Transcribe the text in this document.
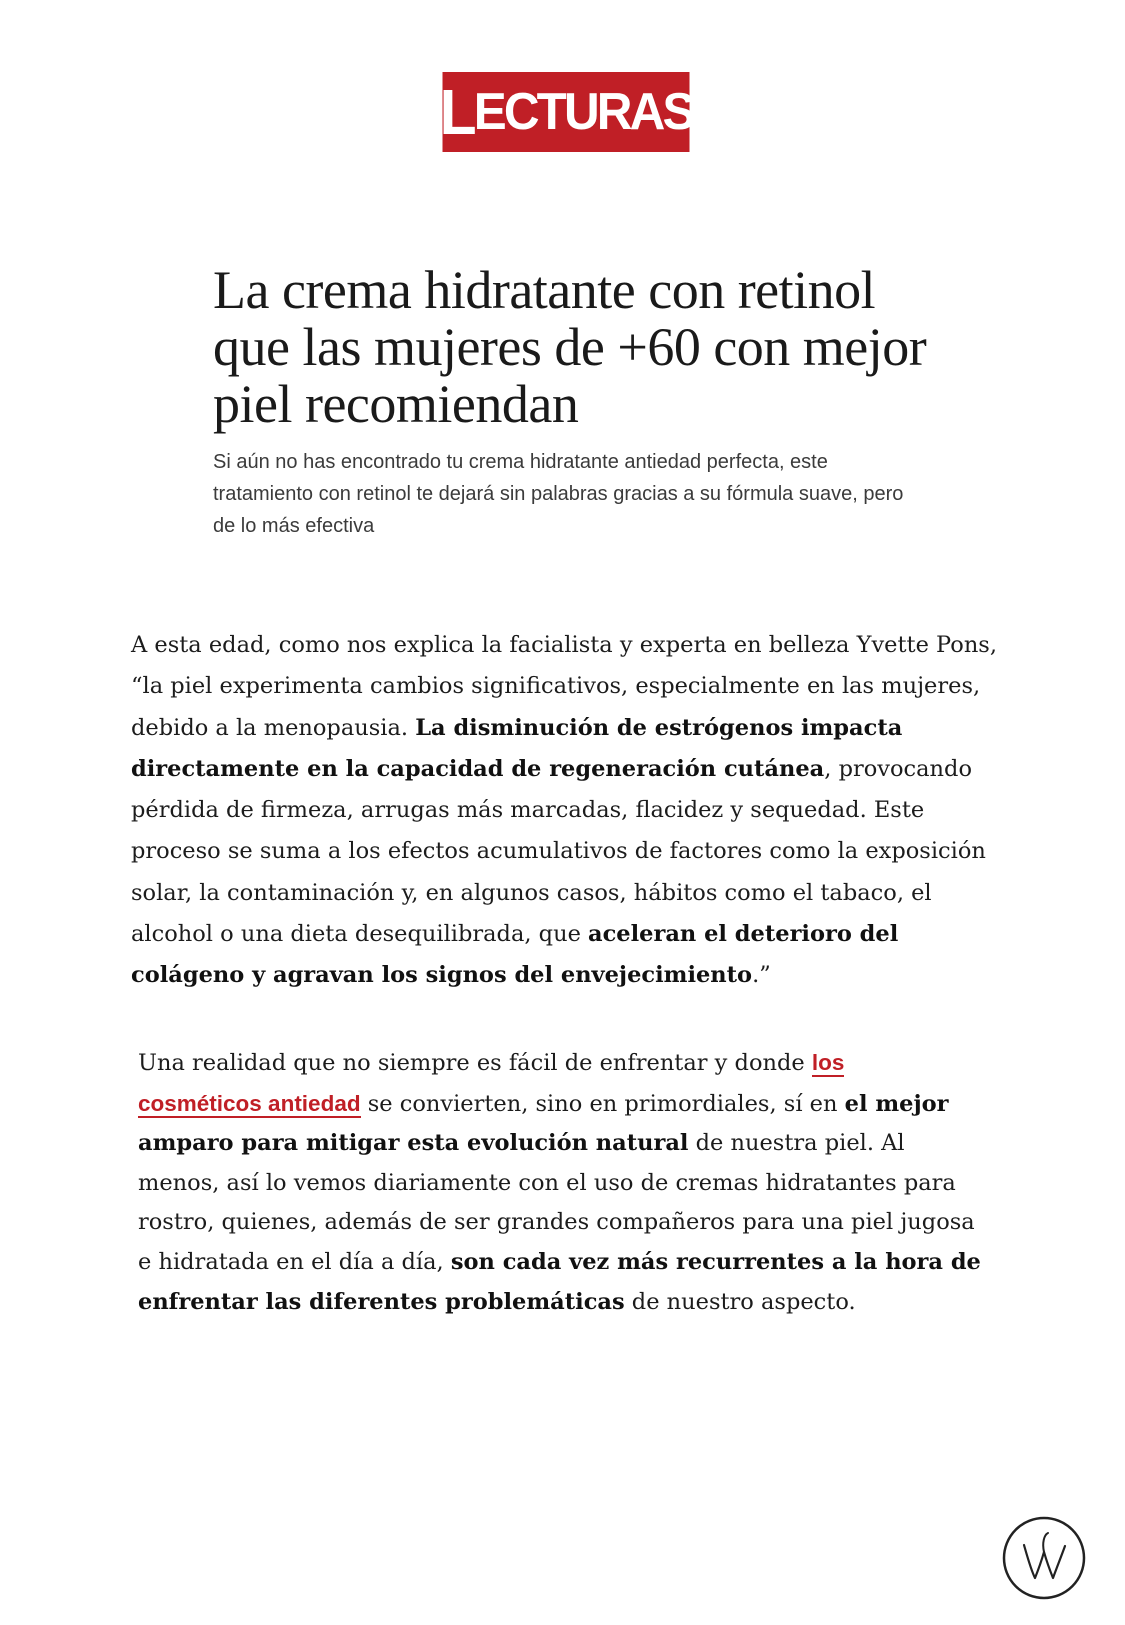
L ECTURAS
La crema hidratante con retinol que las mujeres de +60 con mejor piel recomiendan

Si aún no has encontrado tu crema hidratante antiedad perfecta, este tratamiento con retinol te dejará sin palabras gracias a su fórmula suave, pero de lo más efectiva

A esta edad, como nos explica la facialista y experta en belleza Yvette Pons, “la piel experimenta cambios significativos, especialmente en las mujeres, debido a la menopausia. La disminución de estrógenos impacta directamente en la capacidad de regeneración cutánea, provocando pérdida de firmeza, arrugas más marcadas, flacidez y sequedad. Este proceso se suma a los efectos acumulativos de factores como la exposición solar, la contaminación y, en algunos casos, hábitos como el tabaco, el alcohol o una dieta desequilibrada, que aceleran el deterioro del colágeno y agravan los signos del envejecimiento.”

Una realidad que no siempre es fácil de enfrentar y donde los
cosméticos antiedad se convierten, sino en primordiales, sí en el mejor amparo para mitigar esta evolución natural de nuestra piel. Al menos, así lo vemos diariamente con el uso de cremas hidratantes para rostro, quienes, además de ser grandes compañeros para una piel jugosa e hidratada en el día a día, son cada vez más recurrentes a la hora de enfrentar las diferentes problemáticas de nuestro aspecto.
